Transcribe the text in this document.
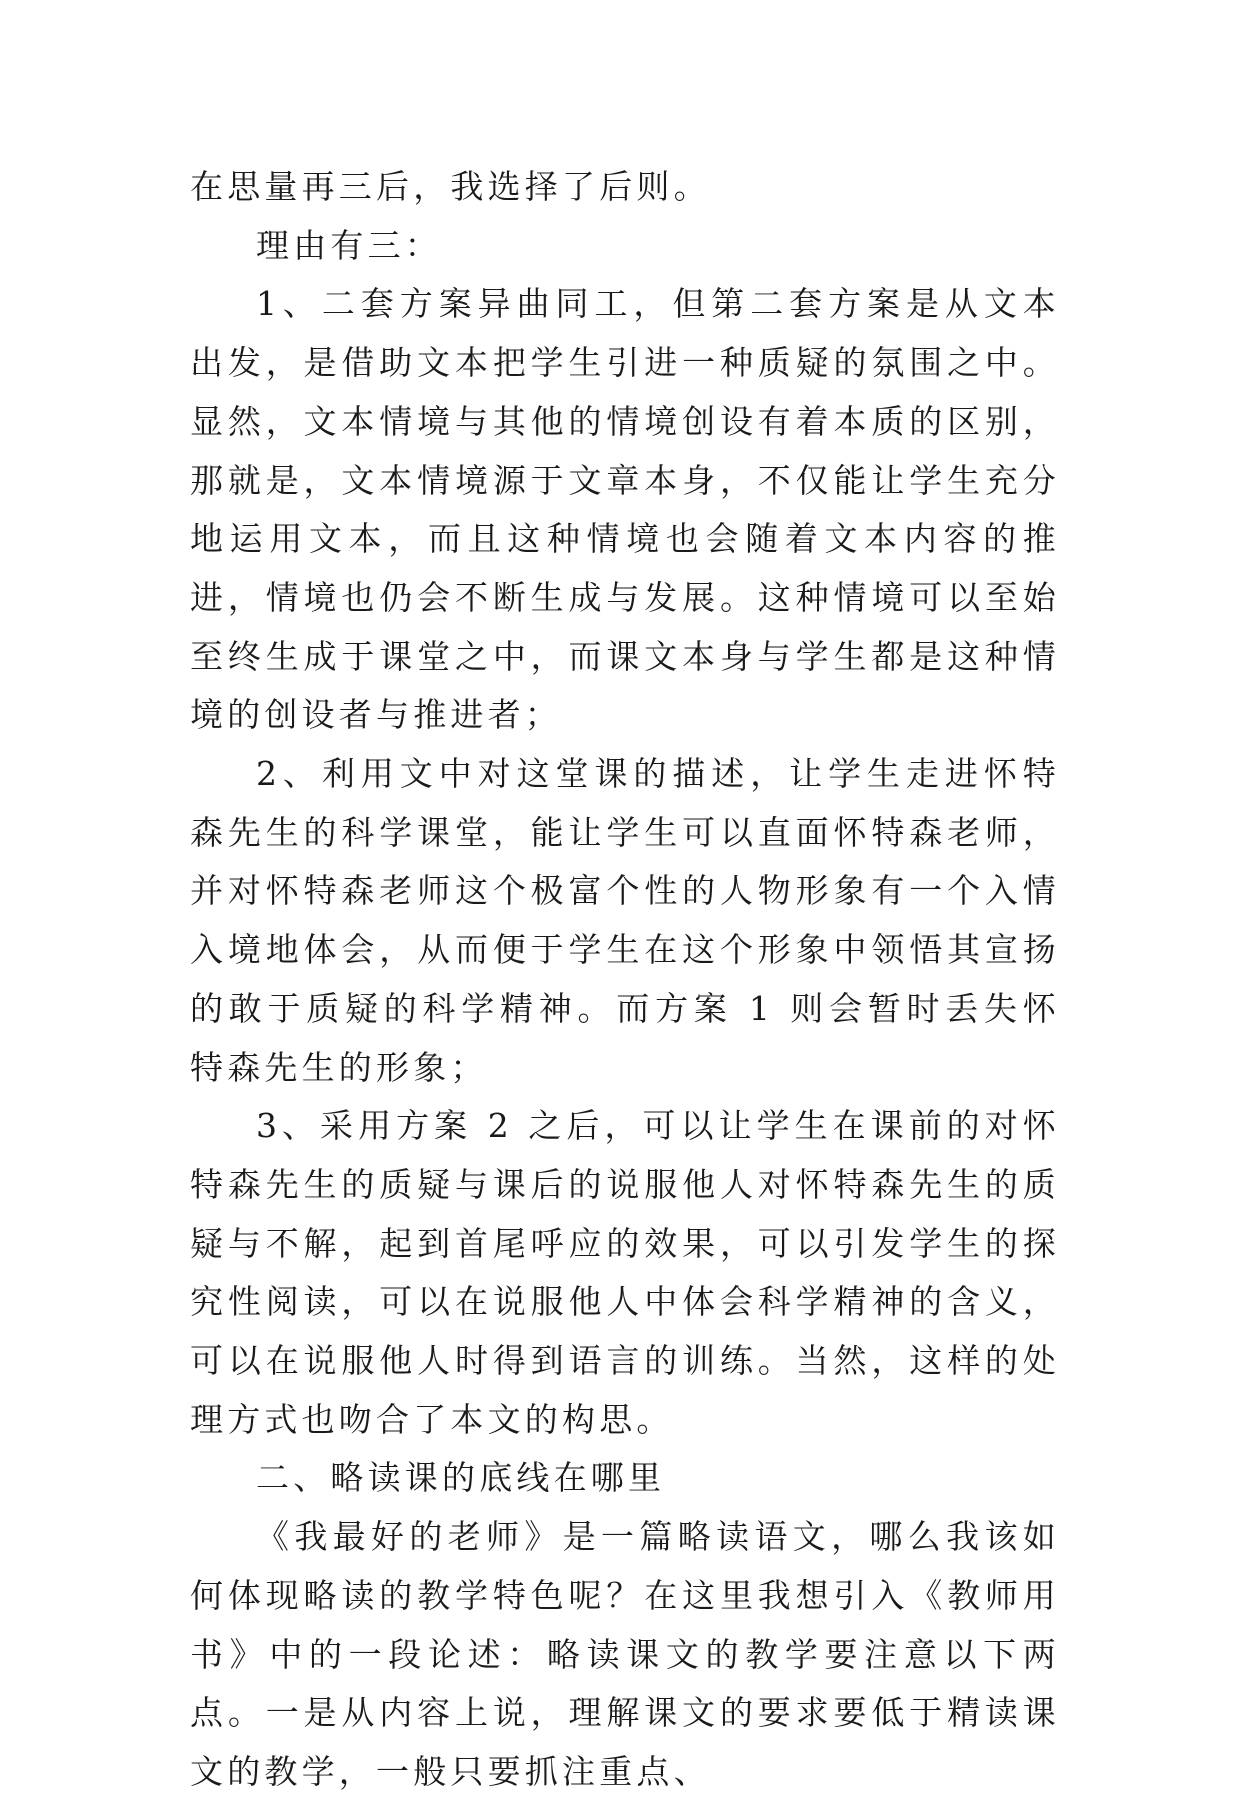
在思量再三后，我选择了后则。

理由有三：

1、二套方案异曲同工，但第二套方案是从文本出发，是借助文本把学生引进一种质疑的氛围之中。显然，文本情境与其他的情境创设有着本质的区别，那就是，文本情境源于文章本身，不仅能让学生充分地运用文本，而且这种情境也会随着文本内容的推进，情境也仍会不断生成与发展。这种情境可以至始至终生成于课堂之中，而课文本身与学生都是这种情境的创设者与推进者；

2、利用文中对这堂课的描述，让学生走进怀特森先生的科学课堂，能让学生可以直面怀特森老师，并对怀特森老师这个极富个性的人物形象有一个入情入境地体会，从而便于学生在这个形象中领悟其宣扬的敢于质疑的科学精神。而方案 1 则会暂时丢失怀特森先生的形象；

3、采用方案 2 之后，可以让学生在课前的对怀特森先生的质疑与课后的说服他人对怀特森先生的质疑与不解，起到首尾呼应的效果，可以引发学生的探究性阅读，可以在说服他人中体会科学精神的含义，可以在说服他人时得到语言的训练。当然，这样的处理方式也吻合了本文的构思。

二、略读课的底线在哪里

《我最好的老师》是一篇略读语文，哪么我该如何体现略读的教学特色呢？在这里我想引入《教师用书》中的一段论述：略读课文的教学要注意以下两点。一是从内容上说，理解课文的要求要低于精读课文的教学，一般只要抓注重点、
